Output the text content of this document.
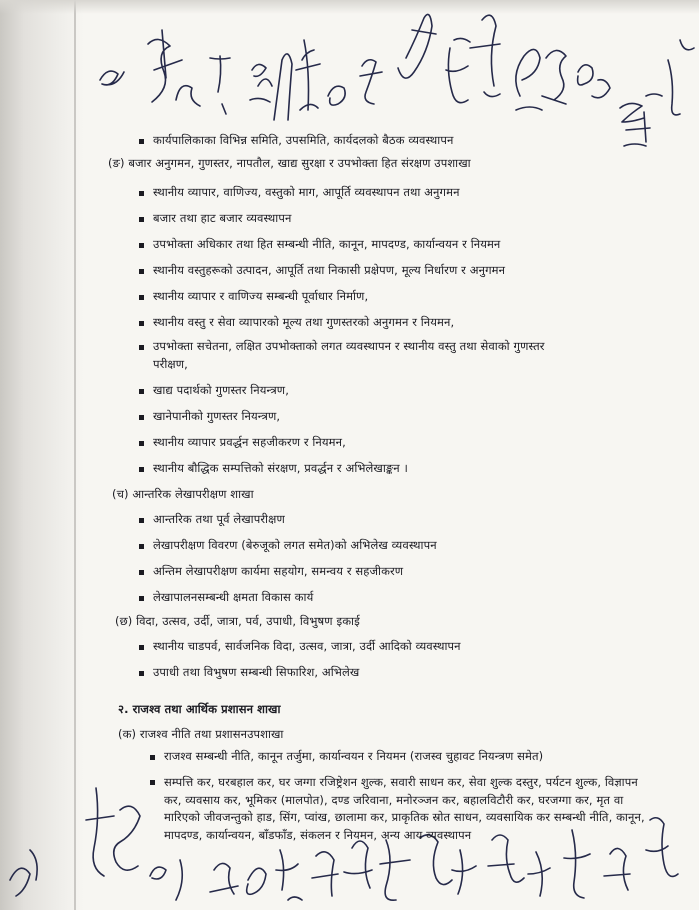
कार्यपालिकाका विभिन्न समिति, उपसमिति, कार्यदलको बैठक व्यवस्थापन
(ङ) बजार अनुगमन, गुणस्तर, नापतौल, खाद्य सुरक्षा र उपभोक्ता हित संरक्षण उपशाखा
स्थानीय व्यापार, वाणिज्य, वस्तुको माग, आपूर्ति व्यवस्थापन तथा अनुगमन
बजार तथा हाट बजार व्यवस्थापन
उपभोक्ता अधिकार तथा हित सम्बन्धी नीति, कानून, मापदण्ड, कार्यान्वयन र नियमन
स्थानीय वस्तुहरूको उत्पादन, आपूर्ति तथा निकासी प्रक्षेपण, मूल्य निर्धारण र अनुगमन
स्थानीय व्यापार र वाणिज्य सम्बन्धी पूर्वाधार निर्माण,
स्थानीय वस्तु र सेवा व्यापारको मूल्य तथा गुणस्तरको अनुगमन र नियमन,
उपभोक्ता सचेतना, लक्षित उपभोक्ताको लगत व्यवस्थापन र स्थानीय वस्तु तथा सेवाको गुणस्तर
परीक्षण,
खाद्य पदार्थको गुणस्तर नियन्त्रण,
खानेपानीको गुणस्तर नियन्त्रण,
स्थानीय व्यापार प्रवर्द्धन सहजीकरण र नियमन,
स्थानीय बौद्धिक सम्पत्तिको संरक्षण, प्रवर्द्धन र अभिलेखाङ्कन ।
(च) आन्तरिक लेखापरीक्षण शाखा
आन्तरिक तथा पूर्व लेखापरीक्षण
लेखापरीक्षण विवरण (बेरुजूको लगत समेत)को अभिलेख व्यवस्थापन
अन्तिम लेखापरीक्षण कार्यमा सहयोग, समन्वय र सहजीकरण
लेखापालनसम्बन्धी क्षमता विकास कार्य
(छ) विदा, उत्सव, उर्दी, जात्रा, पर्व, उपाधी, विभुषण इकाई
स्थानीय चाडपर्व, सार्वजनिक विदा, उत्सव, जात्रा, उर्दी आदिको व्यवस्थापन
उपाधी तथा विभुषण सम्बन्धी सिफारिश, अभिलेख
२. राजश्व तथा आर्थिक प्रशासन शाखा
(क) राजश्व नीति तथा प्रशासनउपशाखा
राजश्व सम्बन्धी नीति, कानून तर्जुमा, कार्यान्वयन र नियमन (राजस्व चुहावट नियन्त्रण समेत)
सम्पत्ति कर, घरबहाल कर, घर जग्गा रजिष्ट्रेशन शुल्क, सवारी साधन कर, सेवा शुल्क दस्तुर, पर्यटन शुल्क, विज्ञापन कर, व्यवसाय कर, भूमिकर (मालपोत), दण्ड जरिवाना, मनोरञ्जन कर, बहालविटौरी कर, घरजग्गा कर, मृत वा मारिएको जीवजन्तुको हाड, सिंग, प्वांख, छालामा कर, प्राकृतिक स्रोत साधन, व्यवसायिक कर सम्बन्धी नीति, कानून, मापदण्ड, कार्यान्वयन, बाँडफाँड, संकलन र नियमन, अन्य आय व्यवस्थापन
